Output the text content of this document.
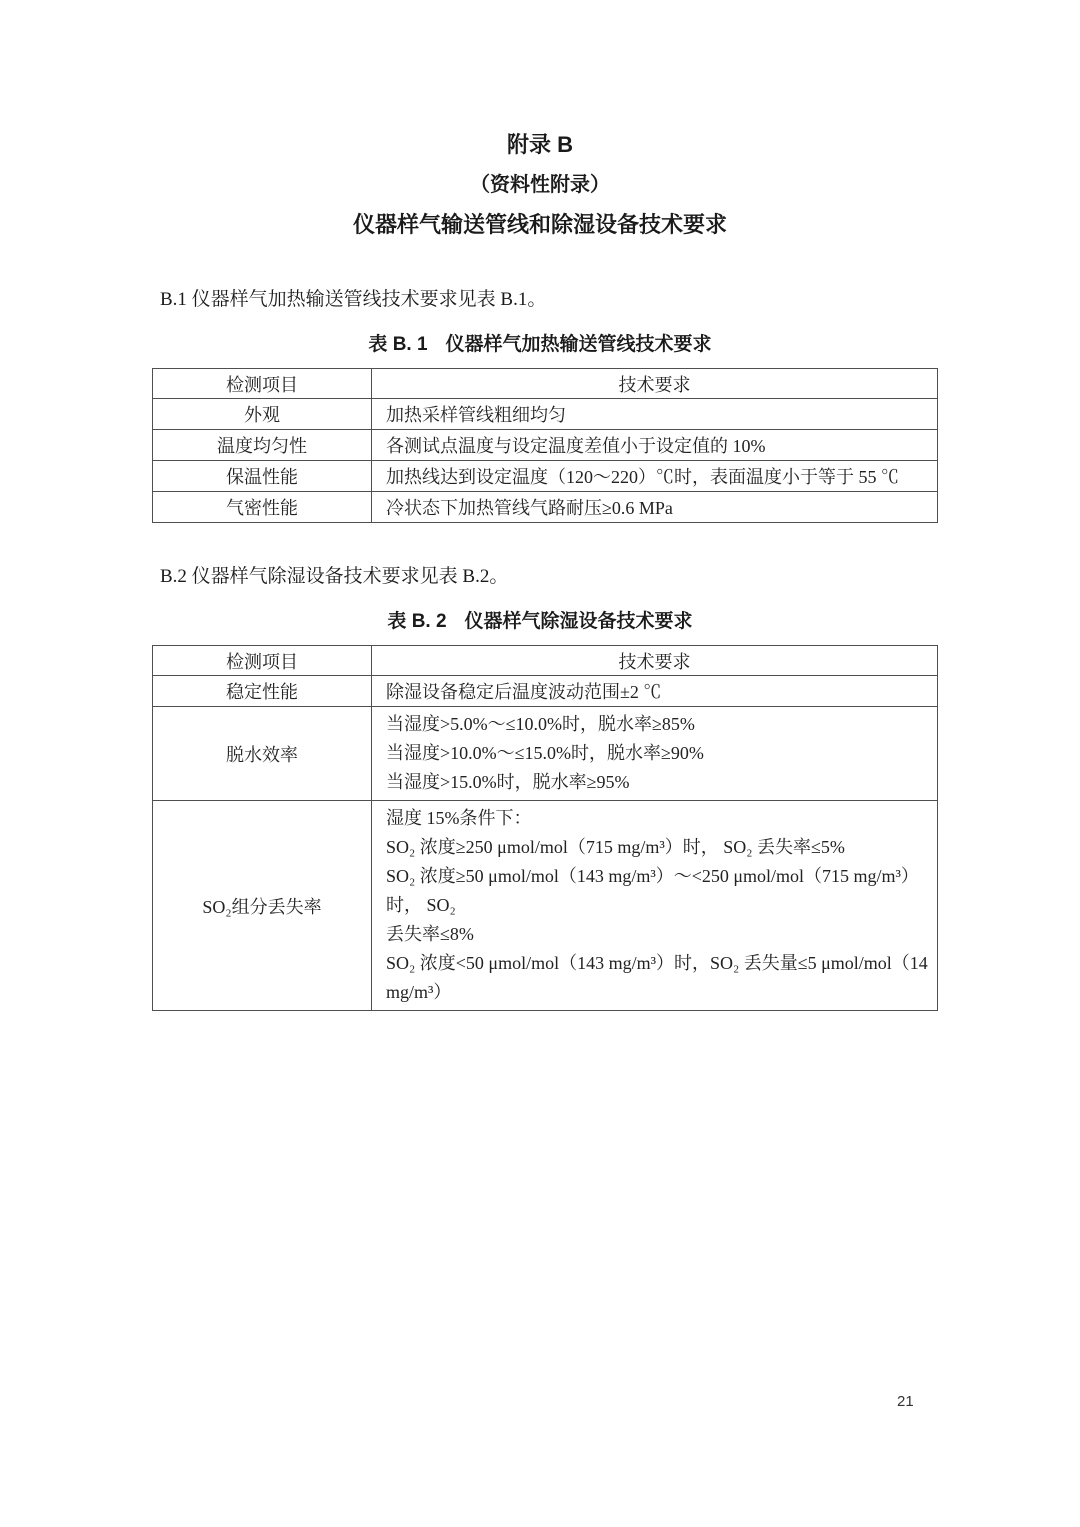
附录 B
（资料性附录）
仪器样气输送管线和除湿设备技术要求
B.1 仪器样气加热输送管线技术要求见表 B.1。
表 B. 1 仪器样气加热输送管线技术要求
检测项目	技术要求
外观	加热采样管线粗细均匀
温度均匀性	各测试点温度与设定温度差值小于设定值的 10%
保温性能	加热线达到设定温度（120～220）℃时，表面温度小于等于 55 ℃
气密性能	冷状态下加热管线气路耐压≥0.6 MPa
B.2 仪器样气除湿设备技术要求见表 B.2。
表 B. 2 仪器样气除湿设备技术要求
检测项目	技术要求
稳定性能	除湿设备稳定后温度波动范围±2 ℃
脱水效率	当湿度>5.0%～≤10.0%时，脱水率≥85%
当湿度>10.0%～≤15.0%时，脱水率≥90%
当湿度>15.0%时，脱水率≥95%

SO₂组分丢失率	湿度 15%条件下：
SO₂ 浓度≥250 μmol/mol（715 mg/m³）时， SO₂ 丢失率≤5%
SO₂ 浓度≥50 μmol/mol（143 mg/m³）～<250 μmol/mol（715 mg/m³）时， SO₂
丢失率≤8%
SO₂ 浓度<50 μmol/mol（143 mg/m³）时，SO₂ 丢失量≤5 μmol/mol（14 mg/m³）
21
